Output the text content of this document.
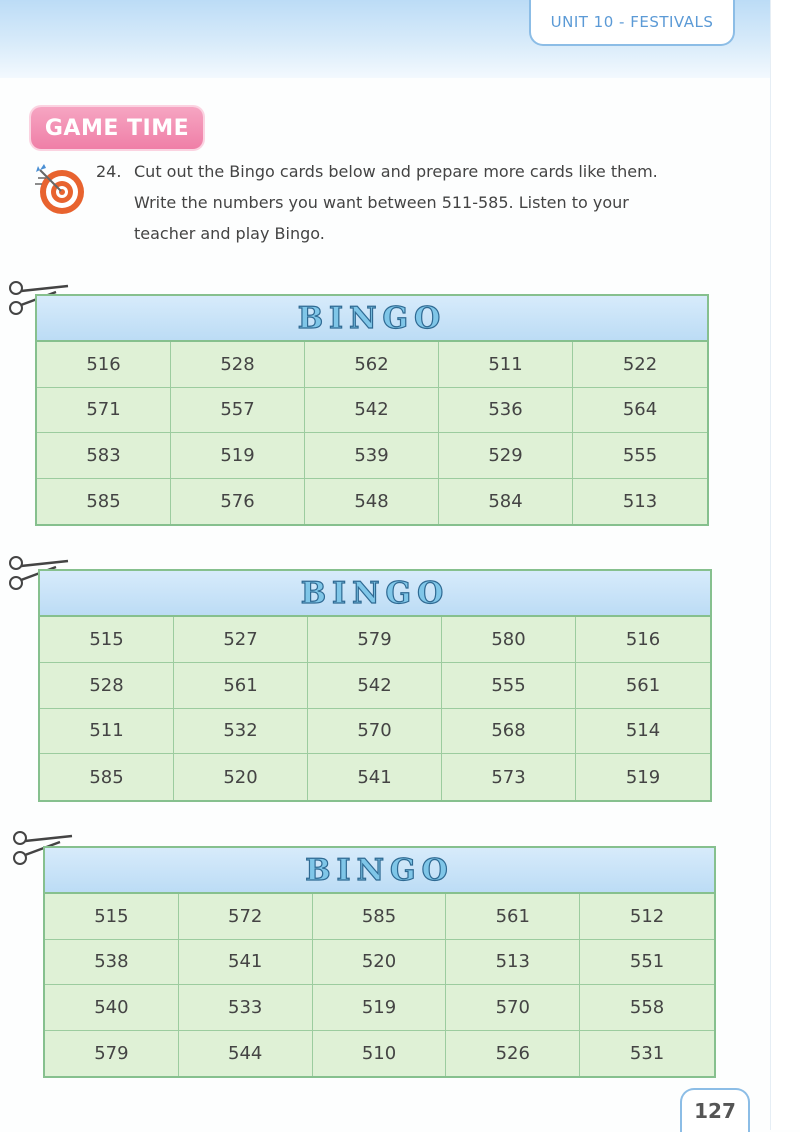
UNIT 10 - FESTIVALS
GAME TIME
24. Cut out the Bingo cards below and prepare more cards like them.
Write the numbers you want between 511-585. Listen to your
teacher and play Bingo.
BINGO
516	528	562	511	522
571	557	542	536	564
583	519	539	529	555
585	576	548	584	513
BINGO
515	527	579	580	516
528	561	542	555	561
511	532	570	568	514
585	520	541	573	519
BINGO
515	572	585	561	512
538	541	520	513	551
540	533	519	570	558
579	544	510	526	531
127
